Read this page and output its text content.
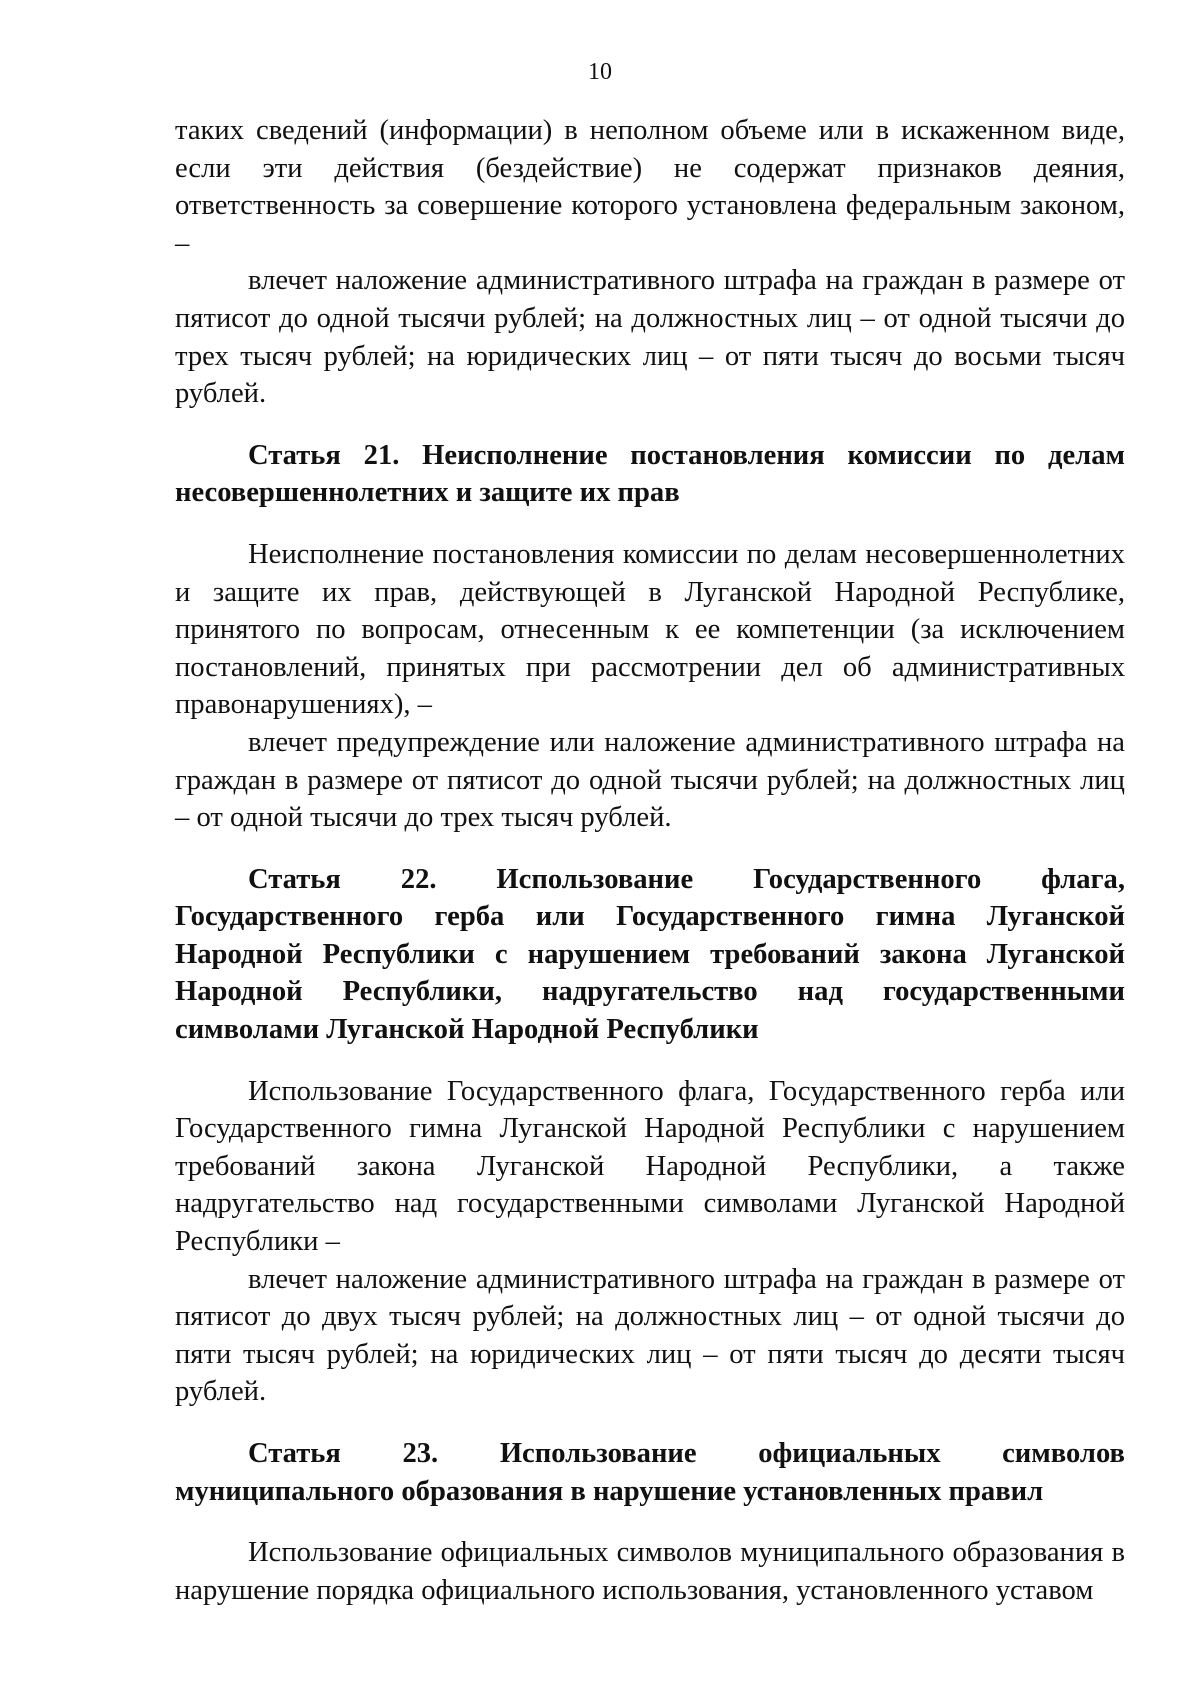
10

таких сведений (информации) в неполном объеме или в искаженном виде, если эти действия (бездействие) не содержат признаков деяния, ответственность за совершение которого установлена федеральным законом, –

влечет наложение административного штрафа на граждан в размере от пятисот до одной тысячи рублей; на должностных лиц – от одной тысячи до трех тысяч рублей; на юридических лиц – от пяти тысяч до восьми тысяч рублей.

Статья 21. Неисполнение постановления комиссии по делам несовершеннолетних и защите их прав

Неисполнение постановления комиссии по делам несовершеннолетних и защите их прав, действующей в Луганской Народной Республике, принятого по вопросам, отнесенным к ее компетенции (за исключением постановлений, принятых при рассмотрении дел об административных правонарушениях), –

влечет предупреждение или наложение административного штрафа на граждан в размере от пятисот до одной тысячи рублей; на должностных лиц – от одной тысячи до трех тысяч рублей.

Статья 22. Использование Государственного флага, Государственного герба или Государственного гимна Луганской Народной Республики с нарушением требований закона Луганской Народной Республики, надругательство над государственными символами Луганской Народной Республики

Использование Государственного флага, Государственного герба или Государственного гимна Луганской Народной Республики с нарушением требований закона Луганской Народной Республики, а также надругательство над государственными символами Луганской Народной Республики –

влечет наложение административного штрафа на граждан в размере от пятисот до двух тысяч рублей; на должностных лиц – от одной тысячи до пяти тысяч рублей; на юридических лиц – от пяти тысяч до десяти тысяч рублей.

Статья 23. Использование официальных символов муниципального образования в нарушение установленных правил

Использование официальных символов муниципального образования в нарушение порядка официального использования, установленного уставом
